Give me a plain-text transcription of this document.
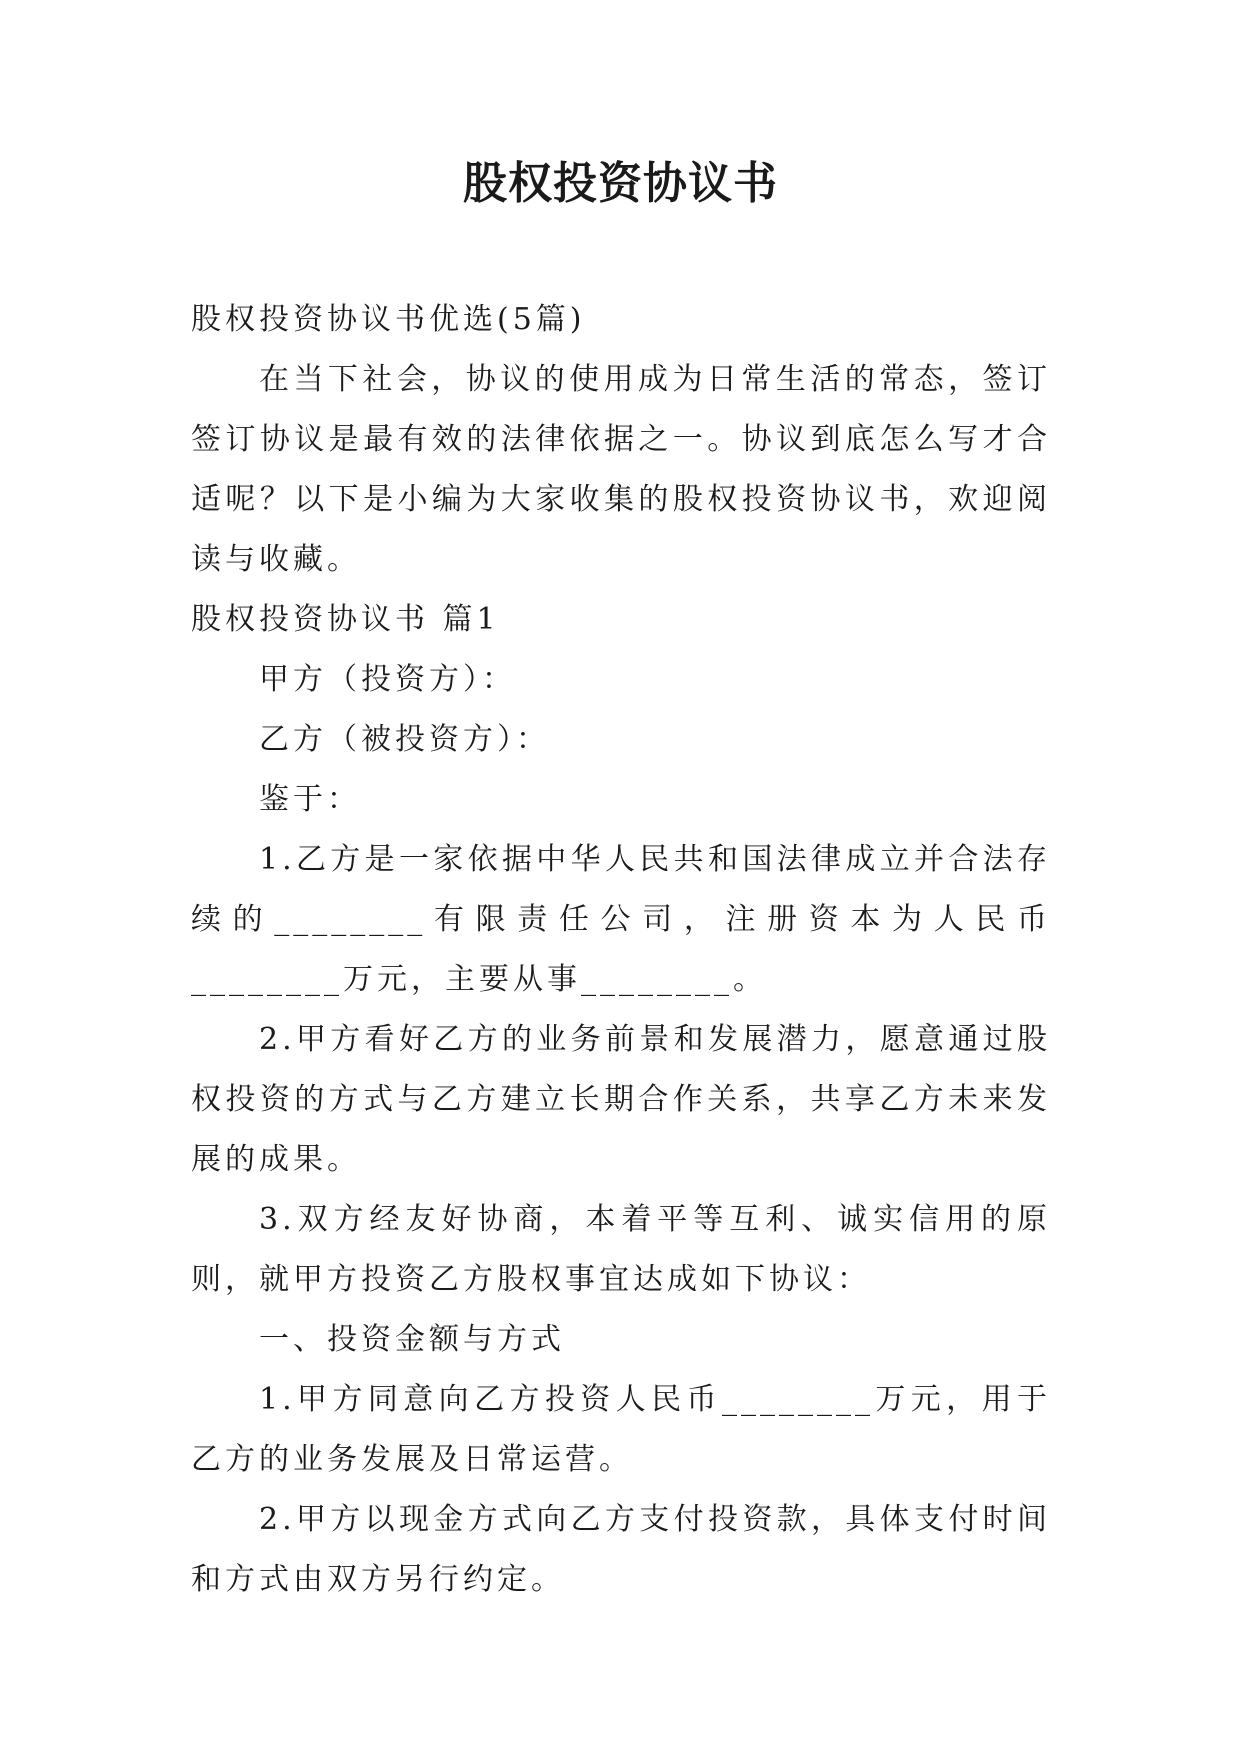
股权投资协议书

股权投资协议书优选(5篇)

在当下社会，协议的使用成为日常生活的常态，签订签订协议是最有效的法律依据之一。协议到底怎么写才合适呢？以下是小编为大家收集的股权投资协议书，欢迎阅读与收藏。

股权投资协议书 篇1

甲方（投资方）：

乙方（被投资方）：

鉴于：

1.乙方是一家依据中华人民共和国法律成立并合法存续的________有限责任公司，注册资本为人民币________万元，主要从事________。

2.甲方看好乙方的业务前景和发展潜力，愿意通过股权投资的方式与乙方建立长期合作关系，共享乙方未来发展的成果。

3.双方经友好协商，本着平等互利、诚实信用的原则，就甲方投资乙方股权事宜达成如下协议：

一、投资金额与方式

1.甲方同意向乙方投资人民币________万元，用于乙方的业务发展及日常运营。

2.甲方以现金方式向乙方支付投资款，具体支付时间和方式由双方另行约定。
